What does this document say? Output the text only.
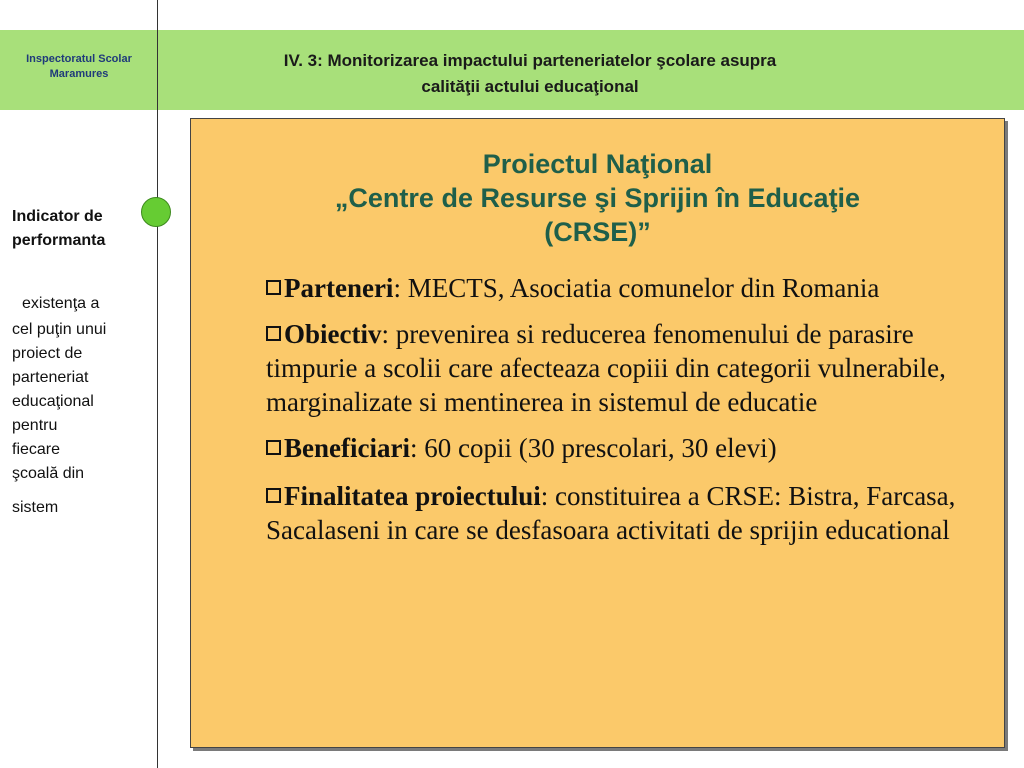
Inspectoratul Scolar
Maramures
IV. 3: Monitorizarea impactului parteneriatelor şcolare asupra
calităţii actului educaţional
Indicator de
performanta
existenţa a
cel puţin unui
proiect de
parteneriat
educaţional
pentru
fiecare
şcoală din
sistem
Proiectul Naţional
„Centre de Resurse şi Sprijin în Educaţie
(CRSE)”
Parteneri: MECTS, Asociatia comunelor din Romania
Obiectiv: prevenirea si reducerea fenomenului de parasire timpurie a scolii care afecteaza copiii din categorii vulnerabile, marginalizate si mentinerea in sistemul de educatie
Beneficiari: 60 copii (30 prescolari, 30 elevi)
Finalitatea proiectului: constituirea a CRSE: Bistra, Farcasa, Sacalaseni in care se desfasoara activitati de sprijin educational
